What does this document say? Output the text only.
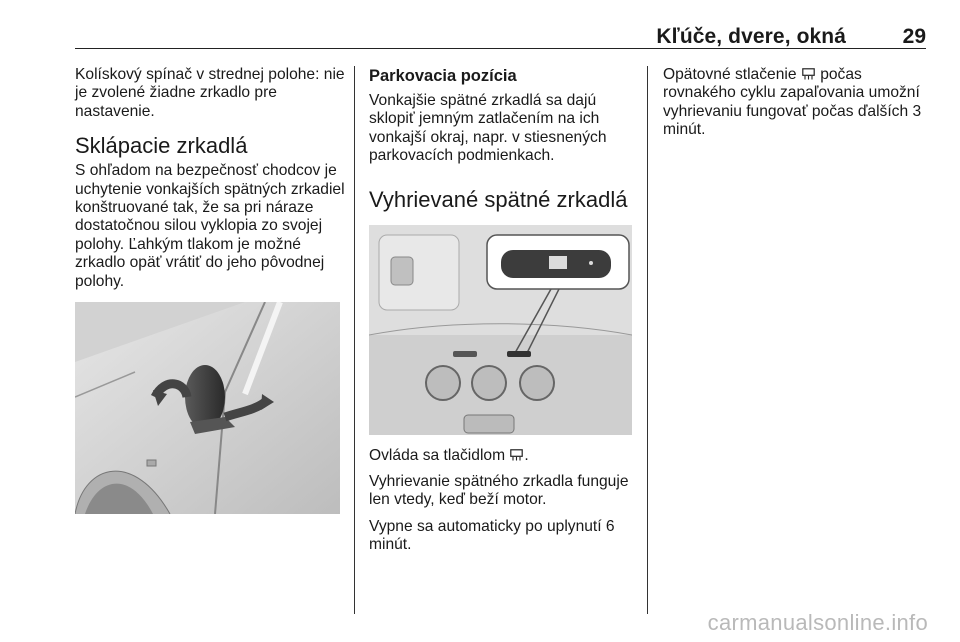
Kľúče, dvere, okná	29

Kolískový spínač v strednej polohe: nie je zvolené žiadne zrkadlo pre nastavenie.

Sklápacie zrkadlá

S ohľadom na bezpečnosť chodcov je uchytenie vonkajších spätných zrkadiel konštruované tak, že sa pri náraze dostatočnou silou vyklopia zo svojej polohy. Ľahkým tlakom je možné zrkadlo opäť vrátiť do jeho pôvodnej polohy.

Parkovacia pozícia

Vonkajšie spätné zrkadlá sa dajú sklopiť jemným zatlačením na ich vonkajší okraj, napr. v stiesnených parkovacích podmienkach.

Vyhrievané spätné zrkadlá

Ovláda sa tlačidlom .

Vyhrievanie spätného zrkadla funguje len vtedy, keď beží motor.

Vypne sa automaticky po uplynutí 6 minút.

Opätovné stlačenie počas rovnakého cyklu zapaľovania umožní vyhrievaniu fungovať počas ďalších 3 minút.

carmanualsonline.info
